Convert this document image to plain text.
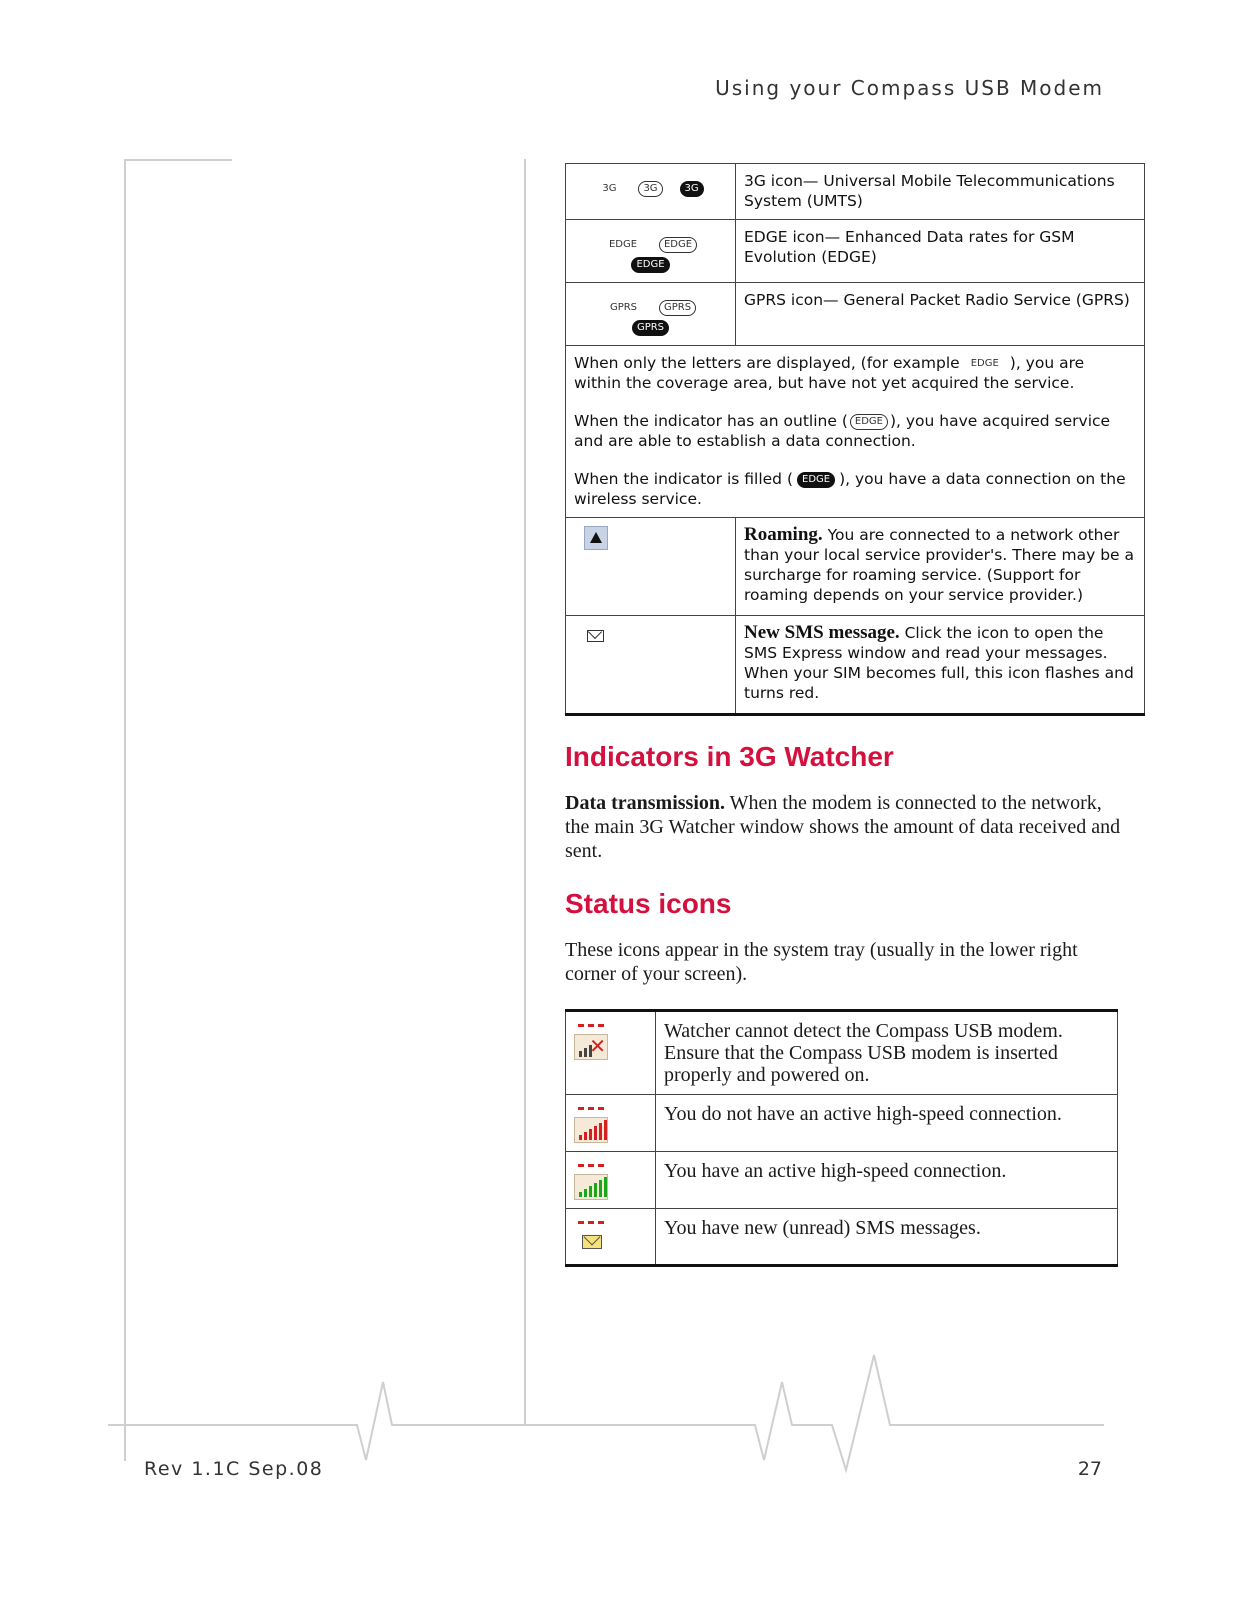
Using your Compass USB Modem
Rev 1.1C Sep.08	27
3G 3G 3G	3G icon— Universal Mobile Telecommunications System (UMTS)
EDGE EDGE EDGE	EDGE icon— Enhanced Data rates for GSM Evolution (EDGE)
GPRS GPRS GPRS	GPRS icon— General Packet Radio Service (GPRS)

When only the letters are displayed, (for example EDGE ), you are within the coverage area, but have not yet acquired the service.

When the indicator has an outline ( EDGE ), you have acquired service and are able to establish a data connection.

When the indicator is filled ( EDGE ), you have a data connection on the wireless service.	

	Roaming. You are connected to a network other than your local service provider's. There may be a surcharge for roaming service. (Support for roaming depends on your service provider.)
	New SMS message. Click the icon to open the SMS Express window and read your messages. When your SIM becomes full, this icon flashes and turns red.
Indicators in 3G Watcher

Data transmission. When the modem is connected to the network, the main 3G Watcher window shows the amount of data received and sent.

Status icons

These icons appear in the system tray (usually in the lower right corner of your screen).

✕	Watcher cannot detect the Compass USB modem. Ensure that the Compass USB modem is inserted properly and powered on.

	You do not have an active high-speed connection.

	You have an active high-speed connection.

	You have new (unread) SMS messages.
